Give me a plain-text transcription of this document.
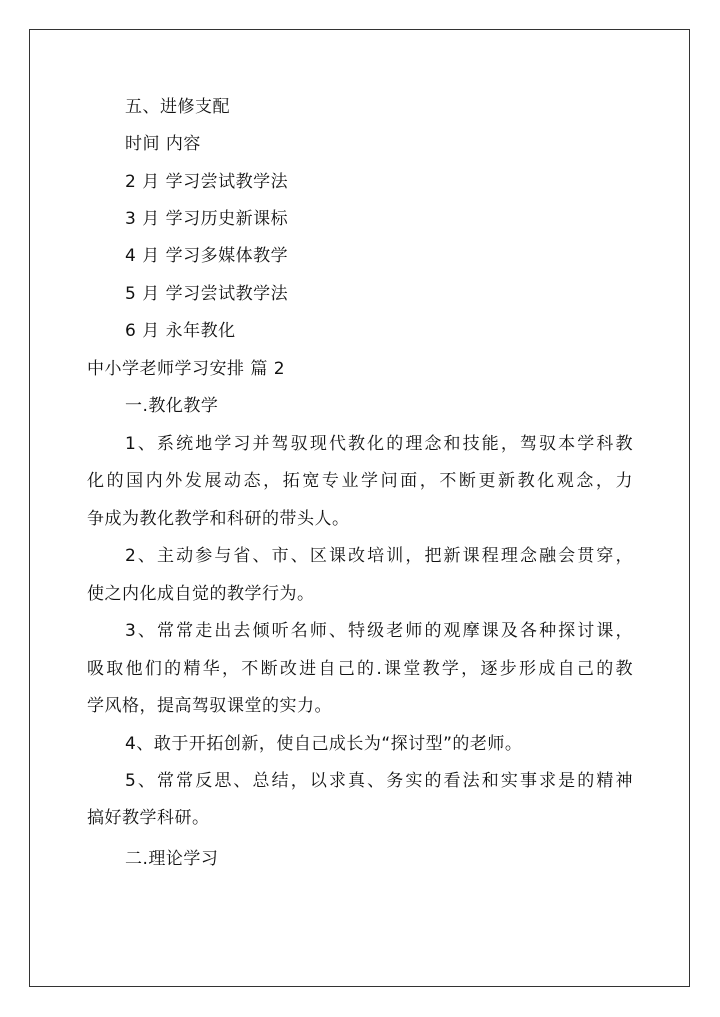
五、进修支配
时间 内容
2 月 学习尝试教学法
3 月 学习历史新课标
4 月 学习多媒体教学
5 月 学习尝试教学法
6 月 永年教化
中小学老师学习安排 篇 2
一.教化教学
1、系统地学习并驾驭现代教化的理念和技能，驾驭本学科教
化的国内外发展动态，拓宽专业学问面，不断更新教化观念，力
争成为教化教学和科研的带头人。
2、主动参与省、市、区课改培训，把新课程理念融会贯穿，
使之内化成自觉的教学行为。
3、常常走出去倾听名师、特级老师的观摩课及各种探讨课，
吸取他们的精华，不断改进自己的.课堂教学，逐步形成自己的教
学风格，提高驾驭课堂的实力。
4、敢于开拓创新，使自己成长为“探讨型”的老师。
5、常常反思、总结，以求真、务实的看法和实事求是的精神
搞好教学科研。
二.理论学习
